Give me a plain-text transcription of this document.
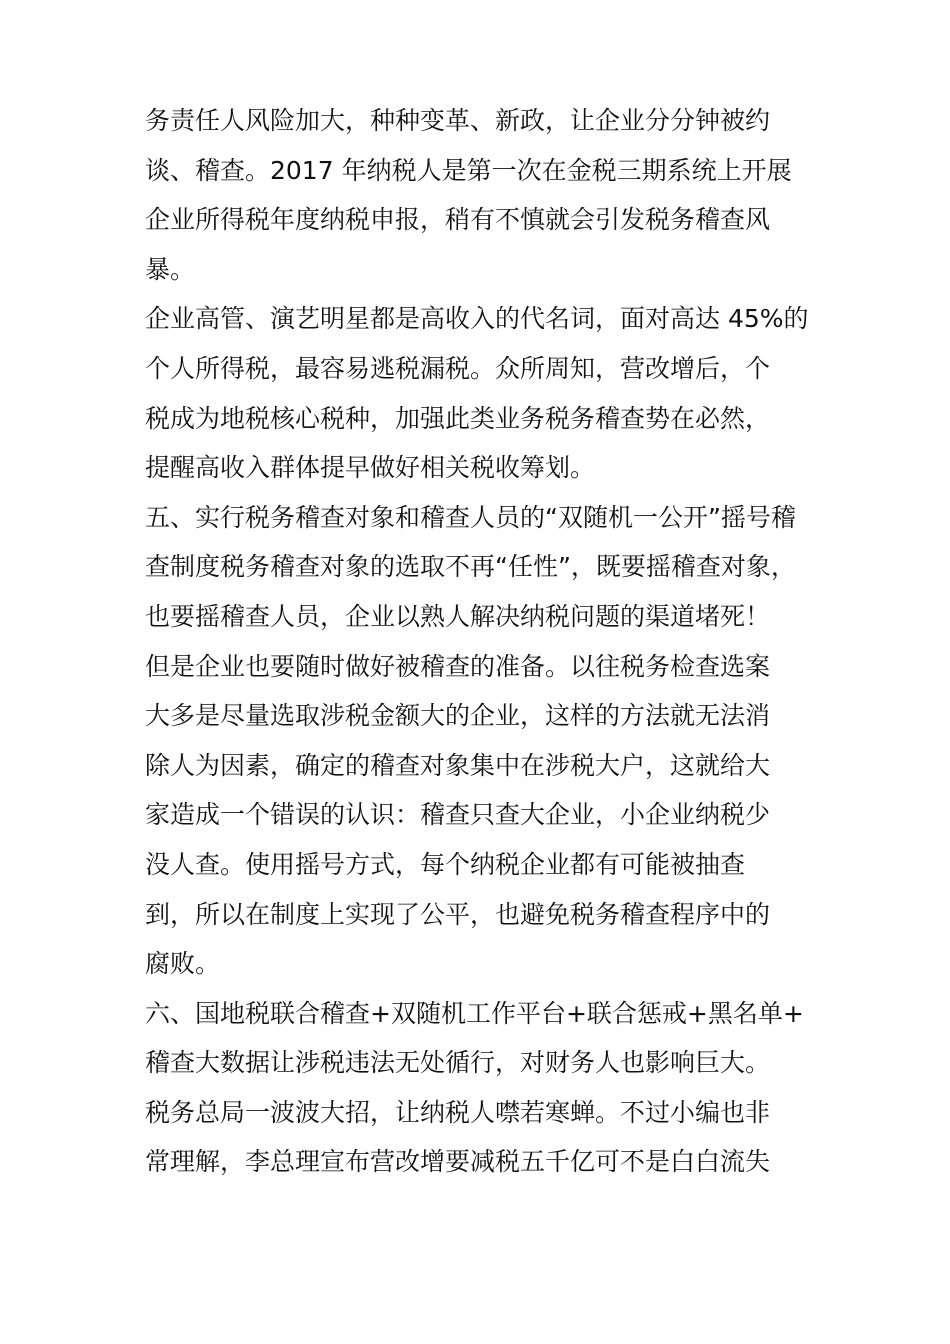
务责任人风险加大，种种变革、新政，让企业分分钟被约
谈、稽查。2017 年纳税人是第一次在金税三期系统上开展
企业所得税年度纳税申报，稍有不慎就会引发税务稽查风
暴。
企业高管、演艺明星都是高收入的代名词，面对高达 45%的
个人所得税，最容易逃税漏税。众所周知，营改增后，个
税成为地税核心税种，加强此类业务税务稽查势在必然，
提醒高收入群体提早做好相关税收筹划。
五、实行税务稽查对象和稽查人员的“双随机一公开”摇号稽
查制度税务稽查对象的选取不再“任性”，既要摇稽查对象，
也要摇稽查人员，企业以熟人解决纳税问题的渠道堵死！
但是企业也要随时做好被稽查的准备。以往税务检查选案
大多是尽量选取涉税金额大的企业，这样的方法就无法消
除人为因素，确定的稽查对象集中在涉税大户，这就给大
家造成一个错误的认识：稽查只查大企业，小企业纳税少
没人查。使用摇号方式，每个纳税企业都有可能被抽查
到，所以在制度上实现了公平，也避免税务稽查程序中的
腐败。
六、国地税联合稽查+双随机工作平台+联合惩戒+黑名单+
稽查大数据让涉税违法无处循行，对财务人也影响巨大。
税务总局一波波大招，让纳税人噤若寒蝉。不过小编也非
常理解，李总理宣布营改增要减税五千亿可不是白白流失
